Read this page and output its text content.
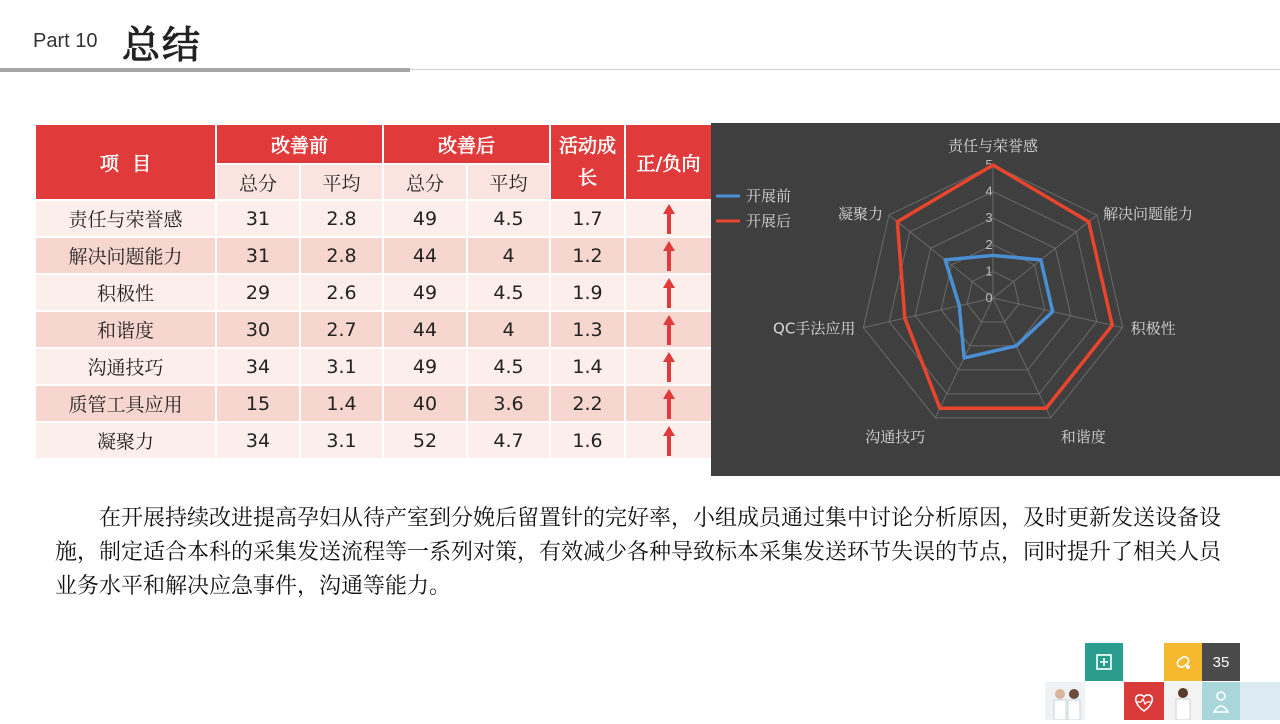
Part 10 总结
项  目	改善前		改善后		活动成长	正/负向
	总分	平均	总分	平均		
责任与荣誉感	31	2.8	49	4.5	1.7	
解决问题能力	31	2.8	44	4	1.2	
积极性	29	2.6	49	4.5	1.9	
和谐度	30	2.7	44	4	1.3	
沟通技巧	34	3.1	49	4.5	1.4	
质管工具应用	15	1.4	40	3.6	2.2	
凝聚力	34	3.1	52	4.7	1.6	
0
1
2
3
4
5
责任与荣誉感
解决问题能力
积极性
和谐度
沟通技巧
QC手法应用
凝聚力
开展前
开展后
在开展持续改进提高孕妇从待产室到分娩后留置针的完好率，小组成员通过集中讨论分析原因，及时更新发送设备设施，制定适合本科的采集发送流程等一系列对策，有效减少各种导致标本采集发送环节失误的节点，同时提升了相关人员业务水平和解决应急事件，沟通等能力。
35
